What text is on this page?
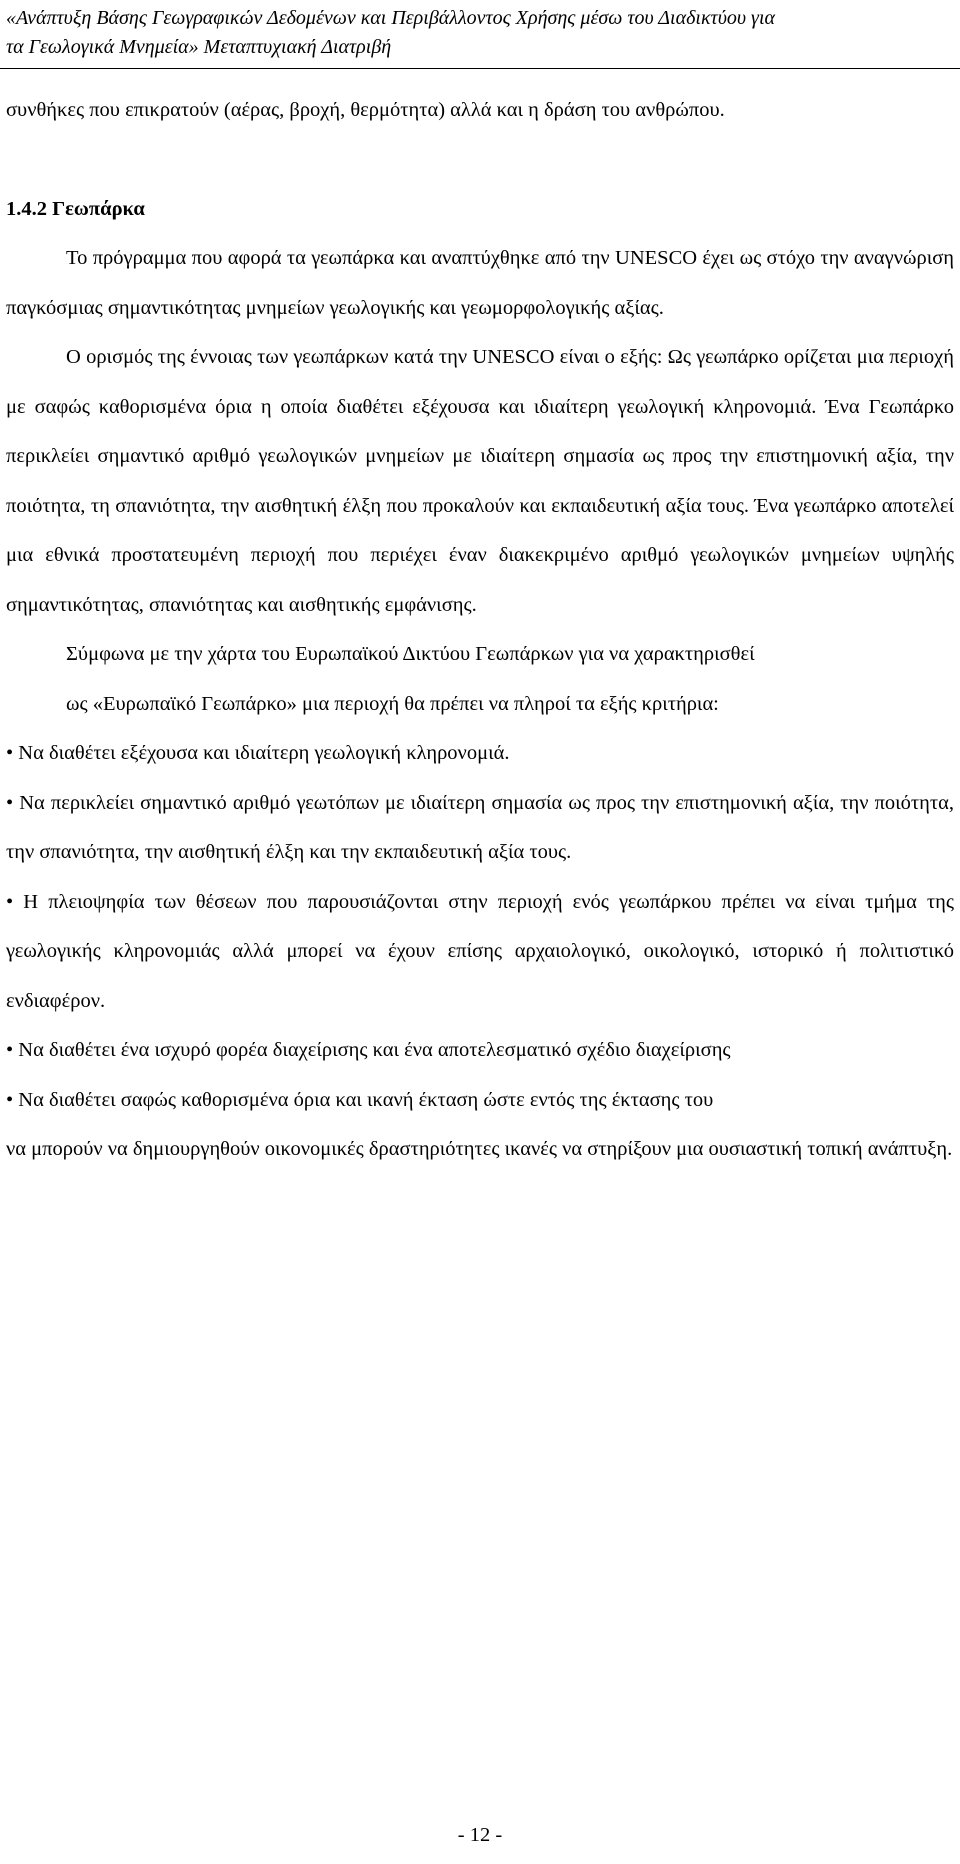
«Ανάπτυξη Βάσης Γεωγραφικών Δεδομένων και Περιβάλλοντος Χρήσης μέσω του Διαδικτύου για
τα Γεωλογικά Μνημεία» Μεταπτυχιακή Διατριβή

συνθήκες που επικρατούν (αέρας, βροχή, θερμότητα) αλλά και η δράση του ανθρώπου.

1.4.2 Γεωπάρκα

Το πρόγραμμα που αφορά τα γεωπάρκα και αναπτύχθηκε από την UNESCO έχει ως στόχο την αναγνώριση παγκόσμιας σημαντικότητας μνημείων γεωλογικής και γεωμορφολογικής αξίας.

Ο ορισμός της έννοιας των γεωπάρκων κατά την UNESCO είναι ο εξής: Ως γεωπάρκο ορίζεται μια περιοχή με σαφώς καθορισμένα όρια η οποία διαθέτει εξέχουσα και ιδιαίτερη γεωλογική κληρονομιά. Ένα Γεωπάρκο περικλείει σημαντικό αριθμό γεωλογικών μνημείων με ιδιαίτερη σημασία ως προς την επιστημονική αξία, την ποιότητα, τη σπανιότητα, την αισθητική έλξη που προκαλούν και εκπαιδευτική αξία τους. Ένα γεωπάρκο αποτελεί μια εθνικά προστατευμένη περιοχή που περιέχει έναν διακεκριμένο αριθμό γεωλογικών μνημείων υψηλής σημαντικότητας, σπανιότητας και αισθητικής εμφάνισης.

Σύμφωνα με την χάρτα του Ευρωπαϊκού Δικτύου Γεωπάρκων για να χαρακτηρισθεί

ως «Ευρωπαϊκό Γεωπάρκο» μια περιοχή θα πρέπει να πληροί τα εξής κριτήρια:

• Να διαθέτει εξέχουσα και ιδιαίτερη γεωλογική κληρονομιά.

• Να περικλείει σημαντικό αριθμό γεωτόπων με ιδιαίτερη σημασία ως προς την επιστημονική αξία, την ποιότητα, την σπανιότητα, την αισθητική έλξη και την εκπαιδευτική αξία τους.

• Η πλειοψηφία των θέσεων που παρουσιάζονται στην περιοχή ενός γεωπάρκου πρέπει να είναι τμήμα της γεωλογικής κληρονομιάς αλλά μπορεί να έχουν επίσης αρχαιολογικό, οικολογικό, ιστορικό ή πολιτιστικό ενδιαφέρον.

• Να διαθέτει ένα ισχυρό φορέα διαχείρισης και ένα αποτελεσματικό σχέδιο διαχείρισης

• Να διαθέτει σαφώς καθορισμένα όρια και ικανή έκταση ώστε εντός της έκτασης του

να μπορούν να δημιουργηθούν οικονομικές δραστηριότητες ικανές να στηρίξουν μια ουσιαστική τοπική ανάπτυξη.

- 12 -
